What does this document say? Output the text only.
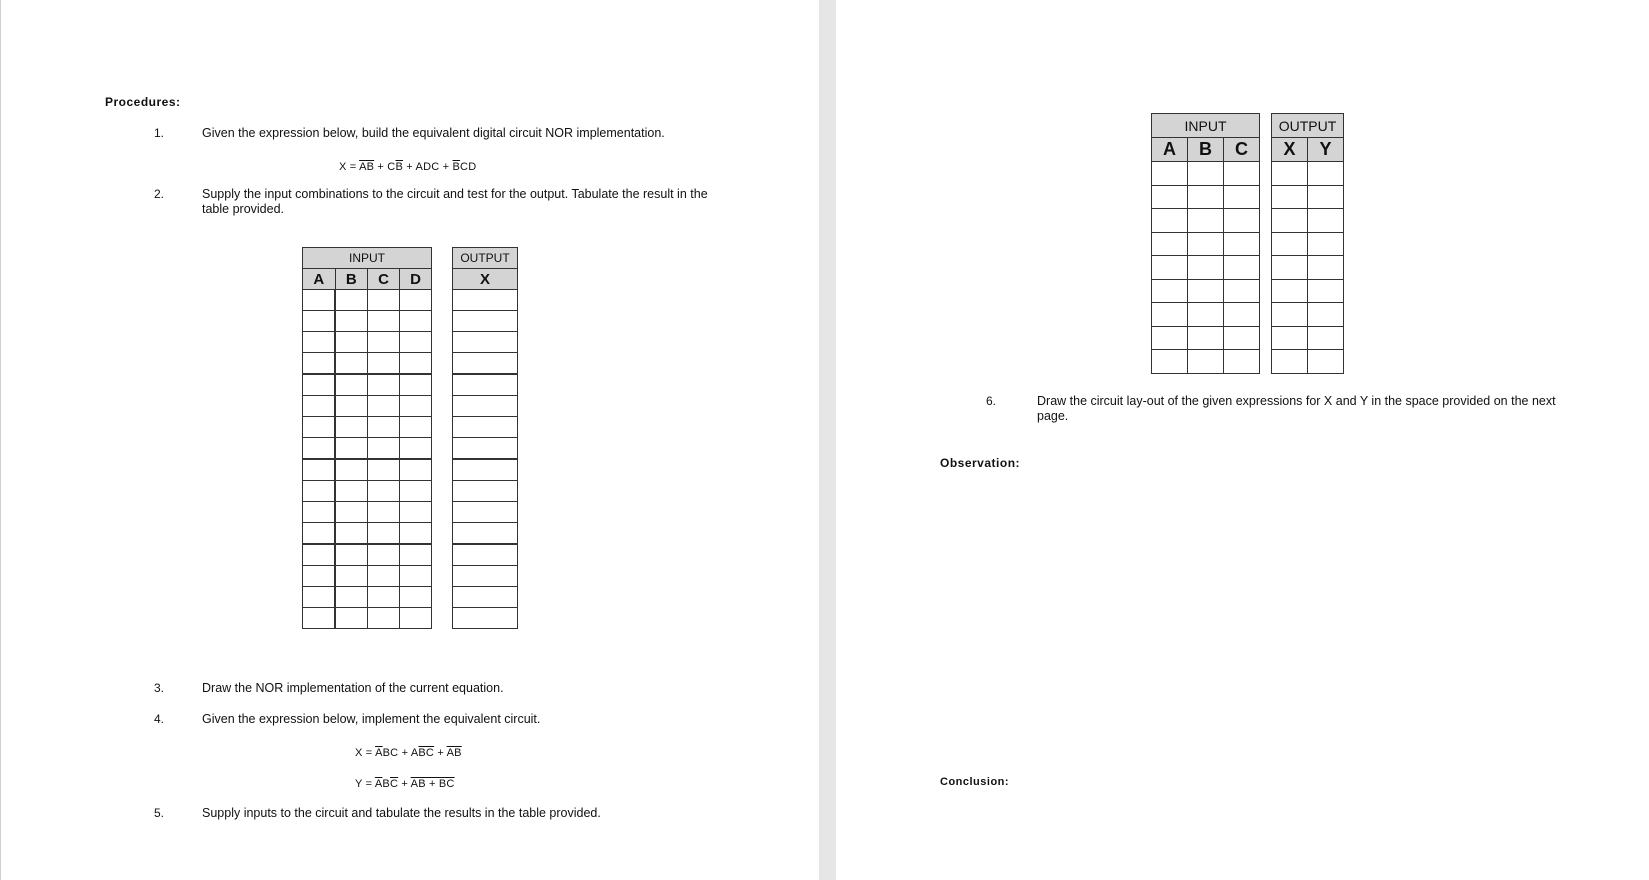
Procedures:
1.	Given the expression below, build the equivalent digital circuit NOR implementation.
$X = \overline{AB} + C\overline{B}$ + ADC + $\overline{B}CD$
2.	Supply the input combinations to the circuit and test for the output. Tabulate the result in the table provided.
INPUT					OUTPUT
A	B	C	D		X

3.	Draw the NOR implementation of the current equation.
4.	Given the expression below, implement the equivalent circuit.
$X = \overline{A}BC + A\overline{BC} + \overline{AB}$
$Y = \overline{A}B\overline{C}$ + AB + BC
5.	Supply inputs to the circuit and tabulate the results in the table provided.
INPUT				OUTPUT	
A	B	C		X	Y

6.	Draw the circuit lay-out of the given expressions for X and Y in the space provided on the next page.
Observation:
Conclusion:
